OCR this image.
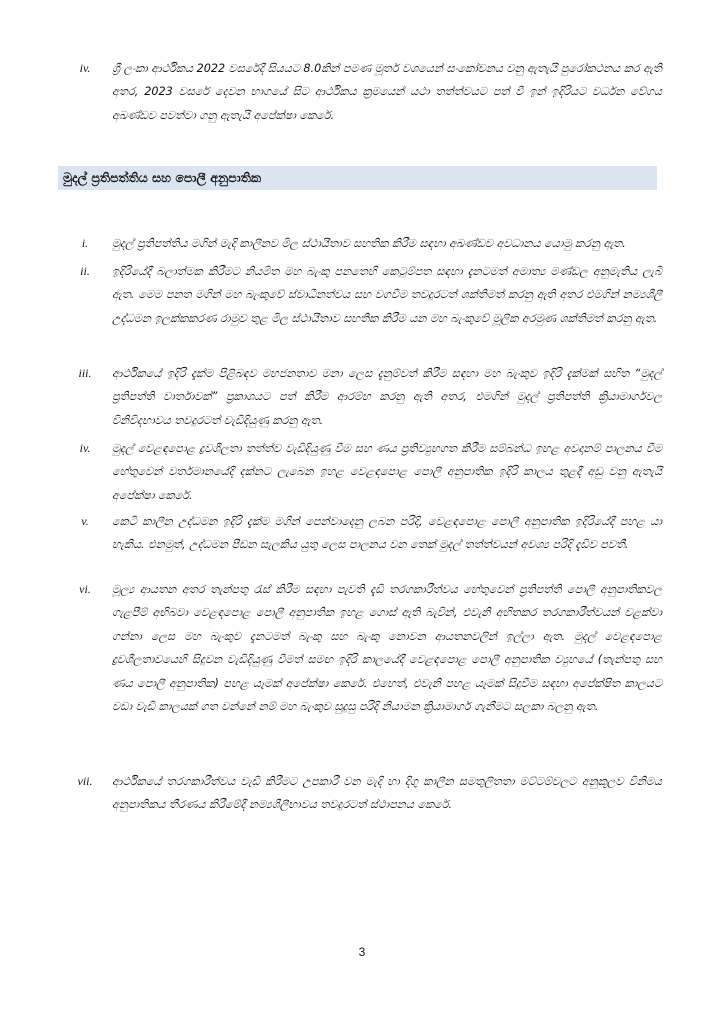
iv.	ශ්‍රී ලංකා ආර්ථිකය 2022 වසරේදී සියයට 8.0කින් පමණ මූර්ත වශයෙන් සංකෝචනය වනු ඇතැයි පුරෝකථනය කර ඇති අතර, 2023 වසරේ දෙවන භාගයේ සිට ආර්ථිකය ක්‍රමයෙන් යථා තත්ත්වයට පත් වී ඉන් ඉදිරියට වර්ධන වේගය අඛණ්ඩව පවත්වා ගනු ඇතැයි අපේක්ෂා කෙරේ.
මුදල් ප්‍රතිපත්තිය සහ පොලී අනුපාතික
i.	මුදල් ප්‍රතිපත්තිය මගින් මැදි කාලීනව මිල ස්ථායීතාව සහතික කිරීම සඳහා අඛණ්ඩව අවධානය යොමු කරනු ඇත.
ii.	ඉදිරියේදී බලාත්මක කිරීමට නියමිත මහ බැංකු පනතෙහි කෙටුම්පත සඳහා දැනටමත් අමාත්‍ය මණ්ඩල අනුමැතිය ලැබී ඇත. මෙම පනත මගින් මහ බැංකුවේ ස්වාධීනත්වය සහ වගවීම තවදුරටත් ශක්තිමත් කරනු ඇති අතර එමගින් නම්‍යශීලී උද්ධමන ඉලක්කකරණ රාමුව තුළ මිල ස්ථායීතාව සහතික කිරීම යන මහ බැංකුවේ මූලික අරමුණ ශක්තිමත් කරනු ඇත.
iii.	ආර්ථිකයේ ඉදිරි දැක්ම පිළිබඳව මහජනතාව මනා ලෙස දැනුම්වත් කිරීම සඳහා මහ බැංකුව ඉදිරි දැක්මක් සහිත “මුදල් ප්‍රතිපත්ති වාර්තාවක්” ප්‍රකාශයට පත් කිරීම ආරම්භ කරනු ඇති අතර, එමගින් මුදල් ප්‍රතිපත්ති ක්‍රියාමාර්ගවල විනිවිදභාවය තවදුරටත් වැඩිදියුණු කරනු ඇත.
iv.	මුදල් වෙළඳපොළ ද්‍රවශීලතා තත්ත්ව වැඩිදියුණු වීම සහ ණය ප්‍රතිව්‍යුහගත කිරීම සම්බන්ධ ඉහළ අවදානම් පාලනය වීම හේතුවෙන් වර්තමානයේදී දක්නට ලැබෙන ඉහළ වෙළඳපොළ පොලී අනුපාතික ඉදිරි කාලය තුළදී අඩු වනු ඇතැයි අපේක්ෂා කෙරේ.
v.	කෙටි කාලීන උද්ධමන ඉදිරි දැක්ම මගින් පෙන්වාදෙනු ලබන පරිදි, වෙළඳපොළ පොලී අනුපාතික ඉදිරියේදී පහළ යා හැකිය. එනමුත්, උද්ධමන පීඩන සැලකිය යුතු ලෙස පාලනය වන තෙක් මුදල් තත්ත්වයන් අවශ්‍ය පරිදි දැඩිව පවතී.
vi.	මූල්‍ය ආයතන අතර තැන්පතු රැස් කිරීම සඳහා පැවති දැඩි තරගකාරීත්වය හේතුවෙන් ප්‍රතිපත්ති පොලී අනුපාතිකවල ගැළපීම් අභිබවා වෙළඳපොළ පොලී අනුපාතික ඉහළ ගොස් ඇති බැවින්, එවැනි අහිතකර තරගකාරීත්වයන් වළක්වා ගන්නා ලෙස මහ බැංකුව දැනටමත් බැංකු සහ බැංකු නොවන ආයතනවලින් ඉල්ලා ඇත. මුදල් වෙළඳපොළ ද්‍රවශීලතාවයෙහි සිදුවන වැඩිදියුණු වීමත් සමඟ ඉදිරි කාලයේදී වෙළඳපොළ පොලී අනුපාතික ව්‍යුහයේ (තැන්පතු සහ ණය පොලී අනුපාතික) පහළ යෑමක් අපේක්ෂා කෙරේ. එහෙත්, එවැනි පහළ යෑමක් සිදුවීම සඳහා අපේක්ෂිත කාලයට වඩා වැඩි කාලයක් ගත වන්නේ නම් මහ බැංකුව සුදුසු පරිදි නියාමන ක්‍රියාමාර්ග ගැනීමට සලකා බලනු ඇත.
vii.	ආර්ථිකයේ තරගකාරීත්වය වැඩි කිරීමට උපකාරී වන මැදි හා දිගු කාලීන සමතුලිතතා මට්ටම්වලට අනුකූලව විනිමය අනුපාතිකය තීරණය කිරීමේදී නම්‍යශීලීභාවය තවදුරටත් ස්ථාපනය කෙරේ.
3
